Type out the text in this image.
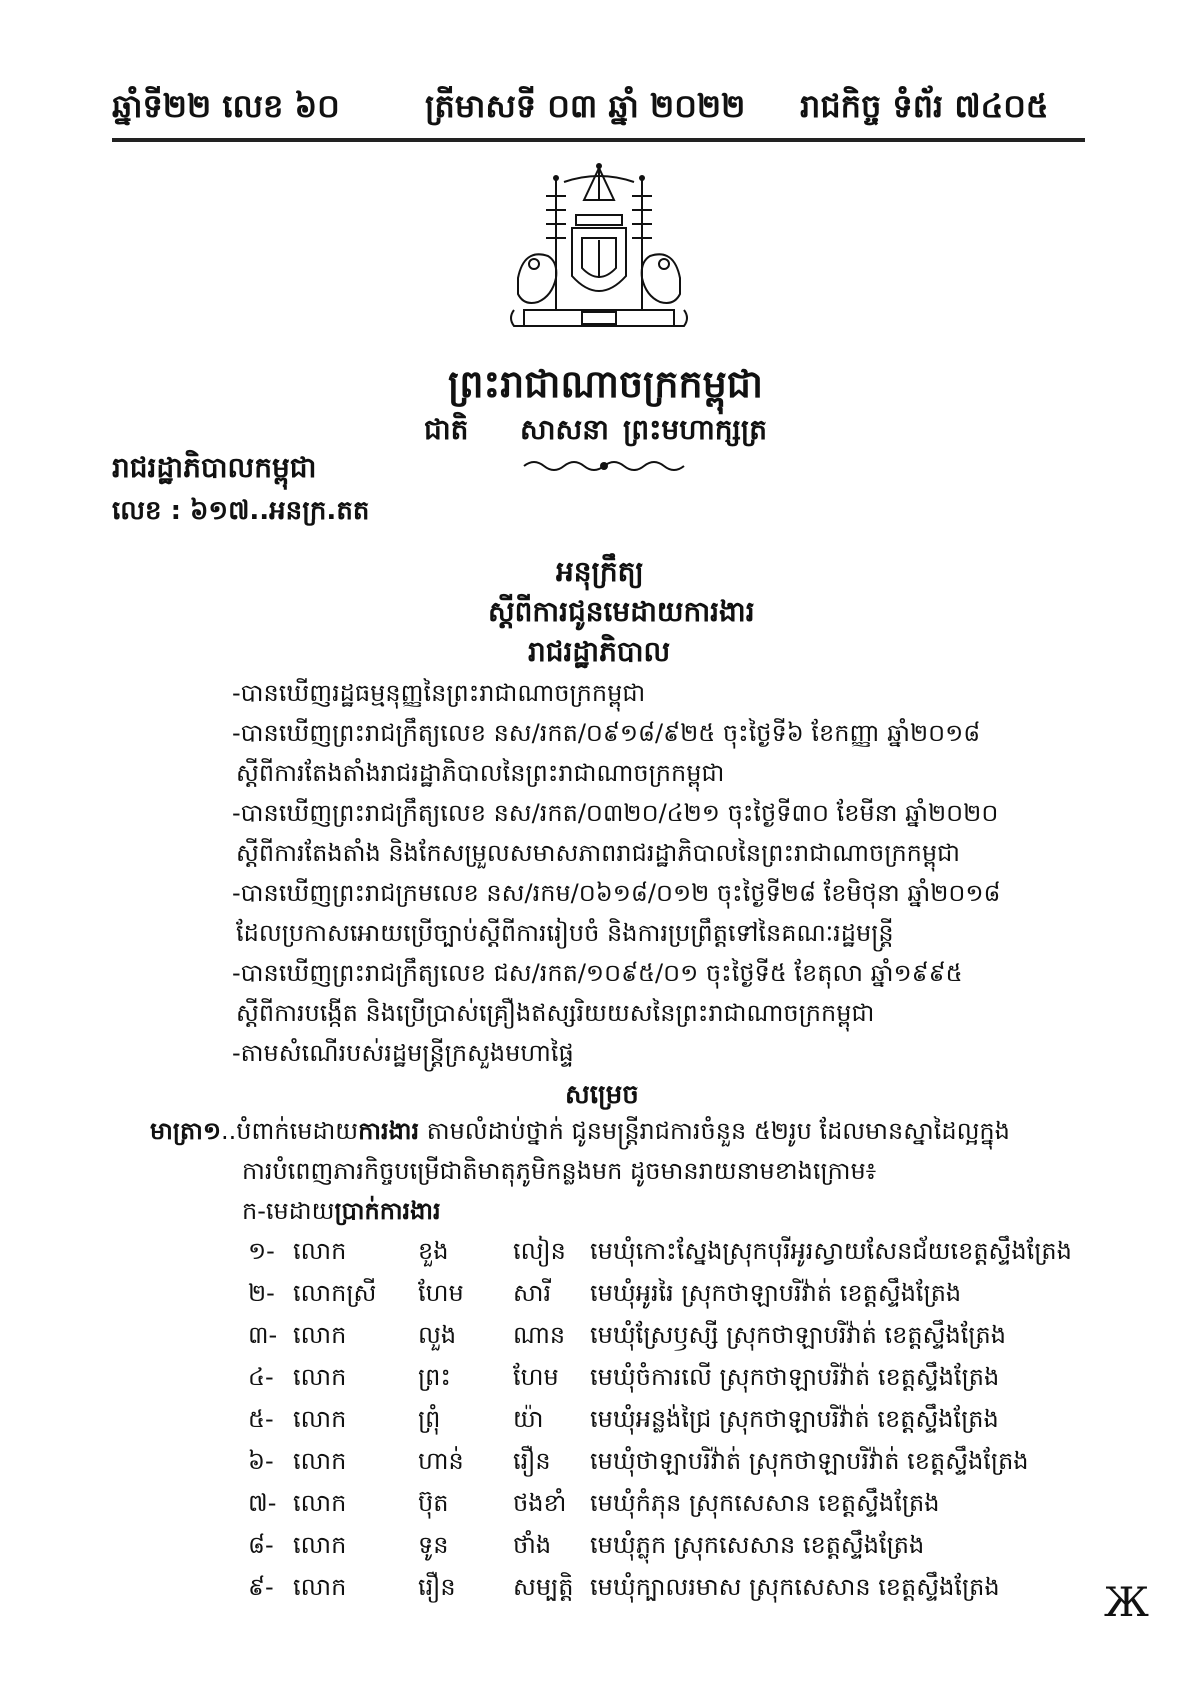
ឆ្នាំទី២២ លេខ ៦០	ត្រីមាសទី ០៣ ឆ្នាំ ២០២២ រាជកិច្ច ទំព័រ ៧៤០៥
ព្រះរាជាណាចក្រកម្ពុជា
ជាតិ សាសនា ព្រះមហាក្សត្រ
រាជរដ្ឋាភិបាលកម្ពុជា
លេខ : ៦១៧..អនក្រ.តត
អនុក្រឹត្យ
ស្តីពីការជូនមេដាយការងារ
រាជរដ្ឋាភិបាល
-បានឃើញរដ្ឋធម្មនុញ្ញនៃព្រះរាជាណាចក្រកម្ពុជា
-បានឃើញព្រះរាជក្រឹត្យលេខ នស/រកត/០៩១៨/៩២៥ ចុះថ្ងៃទី៦ ខែកញ្ញា ឆ្នាំ២០១៨
ស្តីពីការតែងតាំងរាជរដ្ឋាភិបាលនៃព្រះរាជាណាចក្រកម្ពុជា
-បានឃើញព្រះរាជក្រឹត្យលេខ នស/រកត/០៣២០/៤២១ ចុះថ្ងៃទី៣០ ខែមីនា ឆ្នាំ២០២០
ស្តីពីការតែងតាំង និងកែសម្រួលសមាសភាពរាជរដ្ឋាភិបាលនៃព្រះរាជាណាចក្រកម្ពុជា
-បានឃើញព្រះរាជក្រមលេខ នស/រកម/០៦១៨/០១២ ចុះថ្ងៃទី២៨ ខែមិថុនា ឆ្នាំ២០១៨
ដែលប្រកាសអោយប្រើច្បាប់ស្តីពីការរៀបចំ និងការប្រព្រឹត្តទៅនៃគណៈរដ្ឋមន្ត្រី
-បានឃើញព្រះរាជក្រឹត្យលេខ ជស/រកត/១០៩៥/០១ ចុះថ្ងៃទី៥ ខែតុលា ឆ្នាំ១៩៩៥
ស្តីពីការបង្កើត និងប្រើប្រាស់គ្រឿងឥស្សរិយយសនៃព្រះរាជាណាចក្រកម្ពុជា
-តាមសំណើរបស់រដ្ឋមន្ត្រីក្រសួងមហាផ្ទៃ
សម្រេច
មាត្រា១..បំពាក់មេដាយការងារ តាមលំដាប់ថ្នាក់ ជូនមន្ត្រីរាជការចំនួន ៥២រូប ដែលមានស្នាដៃល្អក្នុង
ការបំពេញភារកិច្ចបម្រើជាតិមាតុភូមិកន្លងមក ដូចមានរាយនាមខាងក្រោម៖
ក-មេដាយប្រាក់ការងារ
១- លោក	ខួង	លៀន មេឃុំកោះស្នែងស្រុកបុរីអូរស្វាយសែនជ័យខេត្តស្ទឹងត្រែង
២- លោកស្រី ហែម សារី មេឃុំអូររៃ ស្រុកថាឡាបរិវ៉ាត់ ខេត្តស្ទឹងត្រែង
៣- លោក	លួង ណាន មេឃុំស្រែឫស្សី ស្រុកថាឡាបរិវ៉ាត់ ខេត្តស្ទឹងត្រែង
៤- លោក	ព្រះ	ហែម មេឃុំចំការលើ ស្រុកថាឡាបរិវ៉ាត់ ខេត្តស្ទឹងត្រែង
៥- លោក	ព្រុំ	យ៉ា មេឃុំអន្លង់ជ្រៃ ស្រុកថាឡាបរិវ៉ាត់ ខេត្តស្ទឹងត្រែង
៦- លោក	ហាន់ រឿន មេឃុំថាឡាបរិវ៉ាត់ ស្រុកថាឡាបរិវ៉ាត់ ខេត្តស្ទឹងត្រែង
៧- លោក	ប៊ុត	ថងខាំ មេឃុំកំភុន ស្រុកសេសាន ខេត្តស្ទឹងត្រែង
៨- លោក	ទូន	ថាំង មេឃុំភ្លុក ស្រុកសេសាន ខេត្តស្ទឹងត្រែង
៩- លោក	រឿន សម្បត្តិ មេឃុំក្បាលរមាស ស្រុកសេសាន ខេត្តស្ទឹងត្រែង	Ж
